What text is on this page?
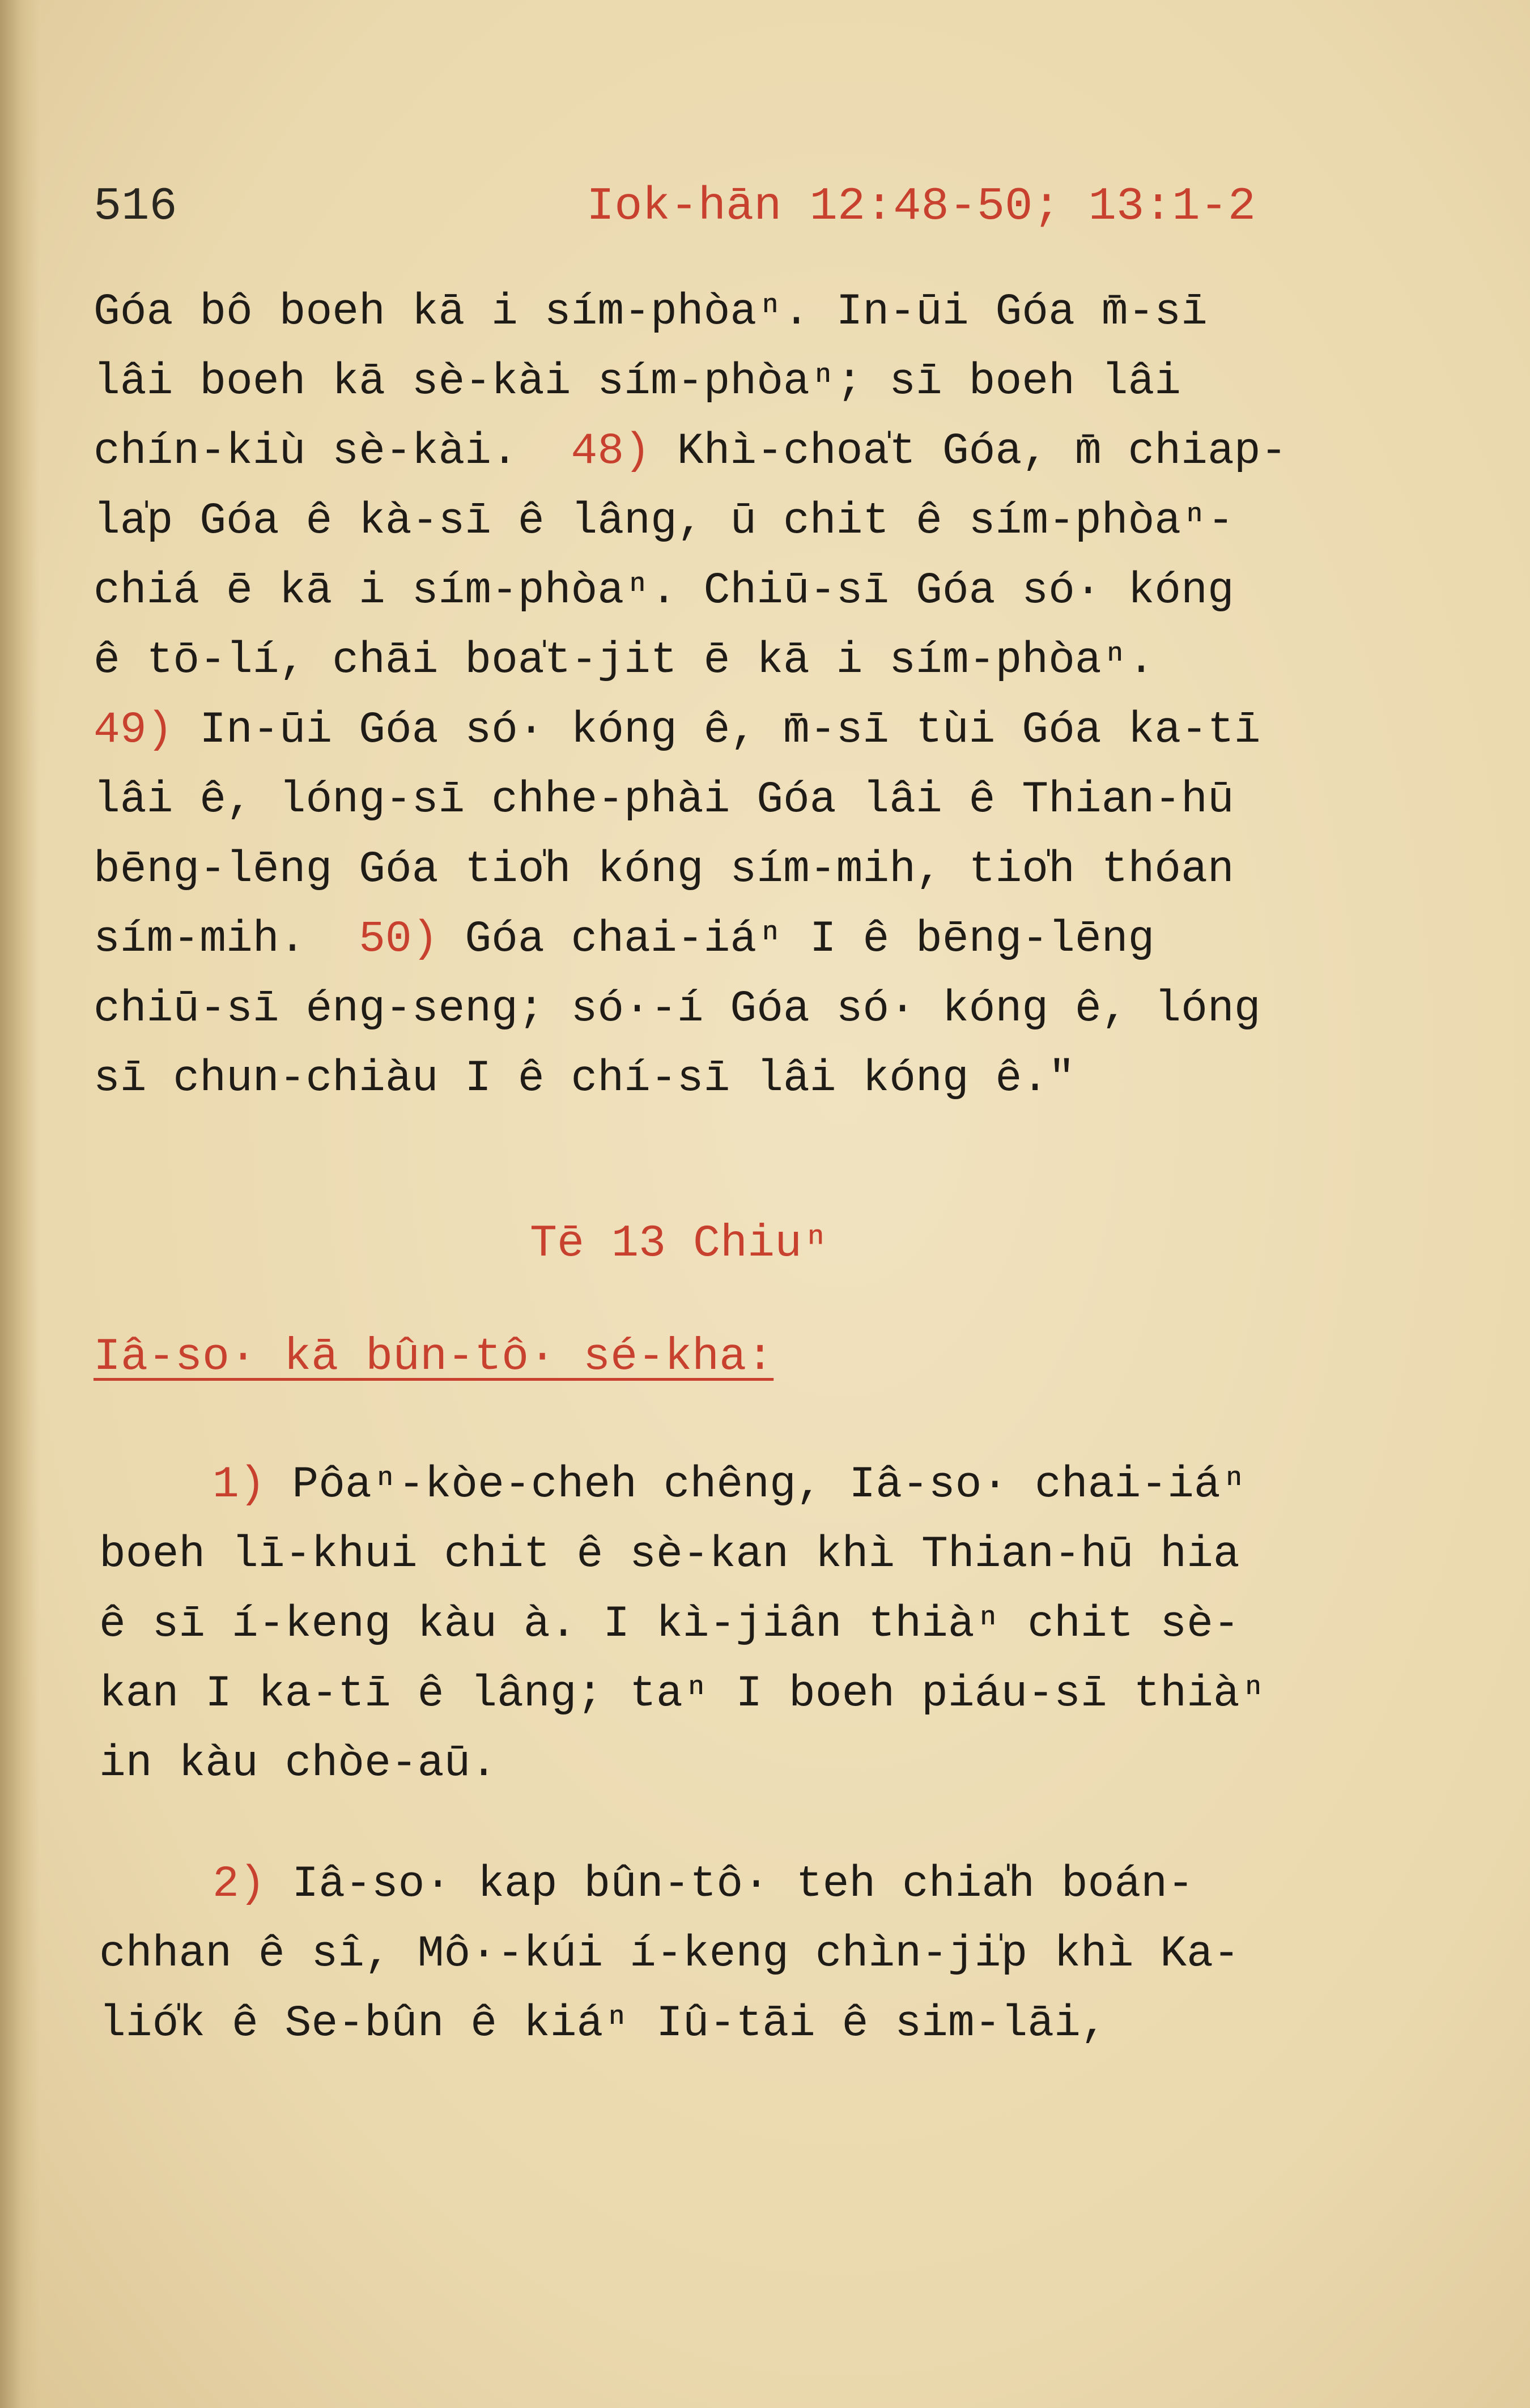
516	Iok-hān 12:48-50; 13:1-2
Góa bô boeh kā i sím-phòaⁿ. In-ūi Góa m̄-sī
lâi boeh kā sè-kài sím-phòaⁿ; sī boeh lâi
chín-kiù sè-kài.  48) Khì-choa̍t Góa, m̄ chiap-
la̍p Góa ê kà-sī ê lâng, ū chit ê sím-phòaⁿ-
chiá ē kā i sím-phòaⁿ. Chiū-sī Góa só· kóng
ê tō-lí, chāi boa̍t-jit ē kā i sím-phòaⁿ.
49) In-ūi Góa só· kóng ê, m̄-sī tùi Góa ka-tī
lâi ê, lóng-sī chhe-phài Góa lâi ê Thian-hū
bēng-lēng Góa tio̍h kóng sím-mih, tio̍h thóan
sím-mih.  50) Góa chai-iáⁿ I ê bēng-lēng
chiū-sī éng-seng; só·-í Góa só· kóng ê, lóng
sī chun-chiàu I ê chí-sī lâi kóng ê."
Tē 13 Chiuⁿ
Iâ-so· kā bûn-tô· sé-kha:
1) Pôaⁿ-kòe-cheh chêng, Iâ-so· chai-iáⁿ
boeh lī-khui chit ê sè-kan khì Thian-hū hia
ê sī í-keng kàu à. I kì-jiân thiàⁿ chit sè-
kan I ka-tī ê lâng; taⁿ I boeh piáu-sī thiàⁿ
in kàu chòe-aū.
2) Iâ-so· kap bûn-tô· teh chia̍h boán-
chhan ê sî, Mô·-kúi í-keng chìn-ji̍p khì Ka-
lió̍k ê Se-bûn ê kiáⁿ Iû-tāi ê sim-lāi,
